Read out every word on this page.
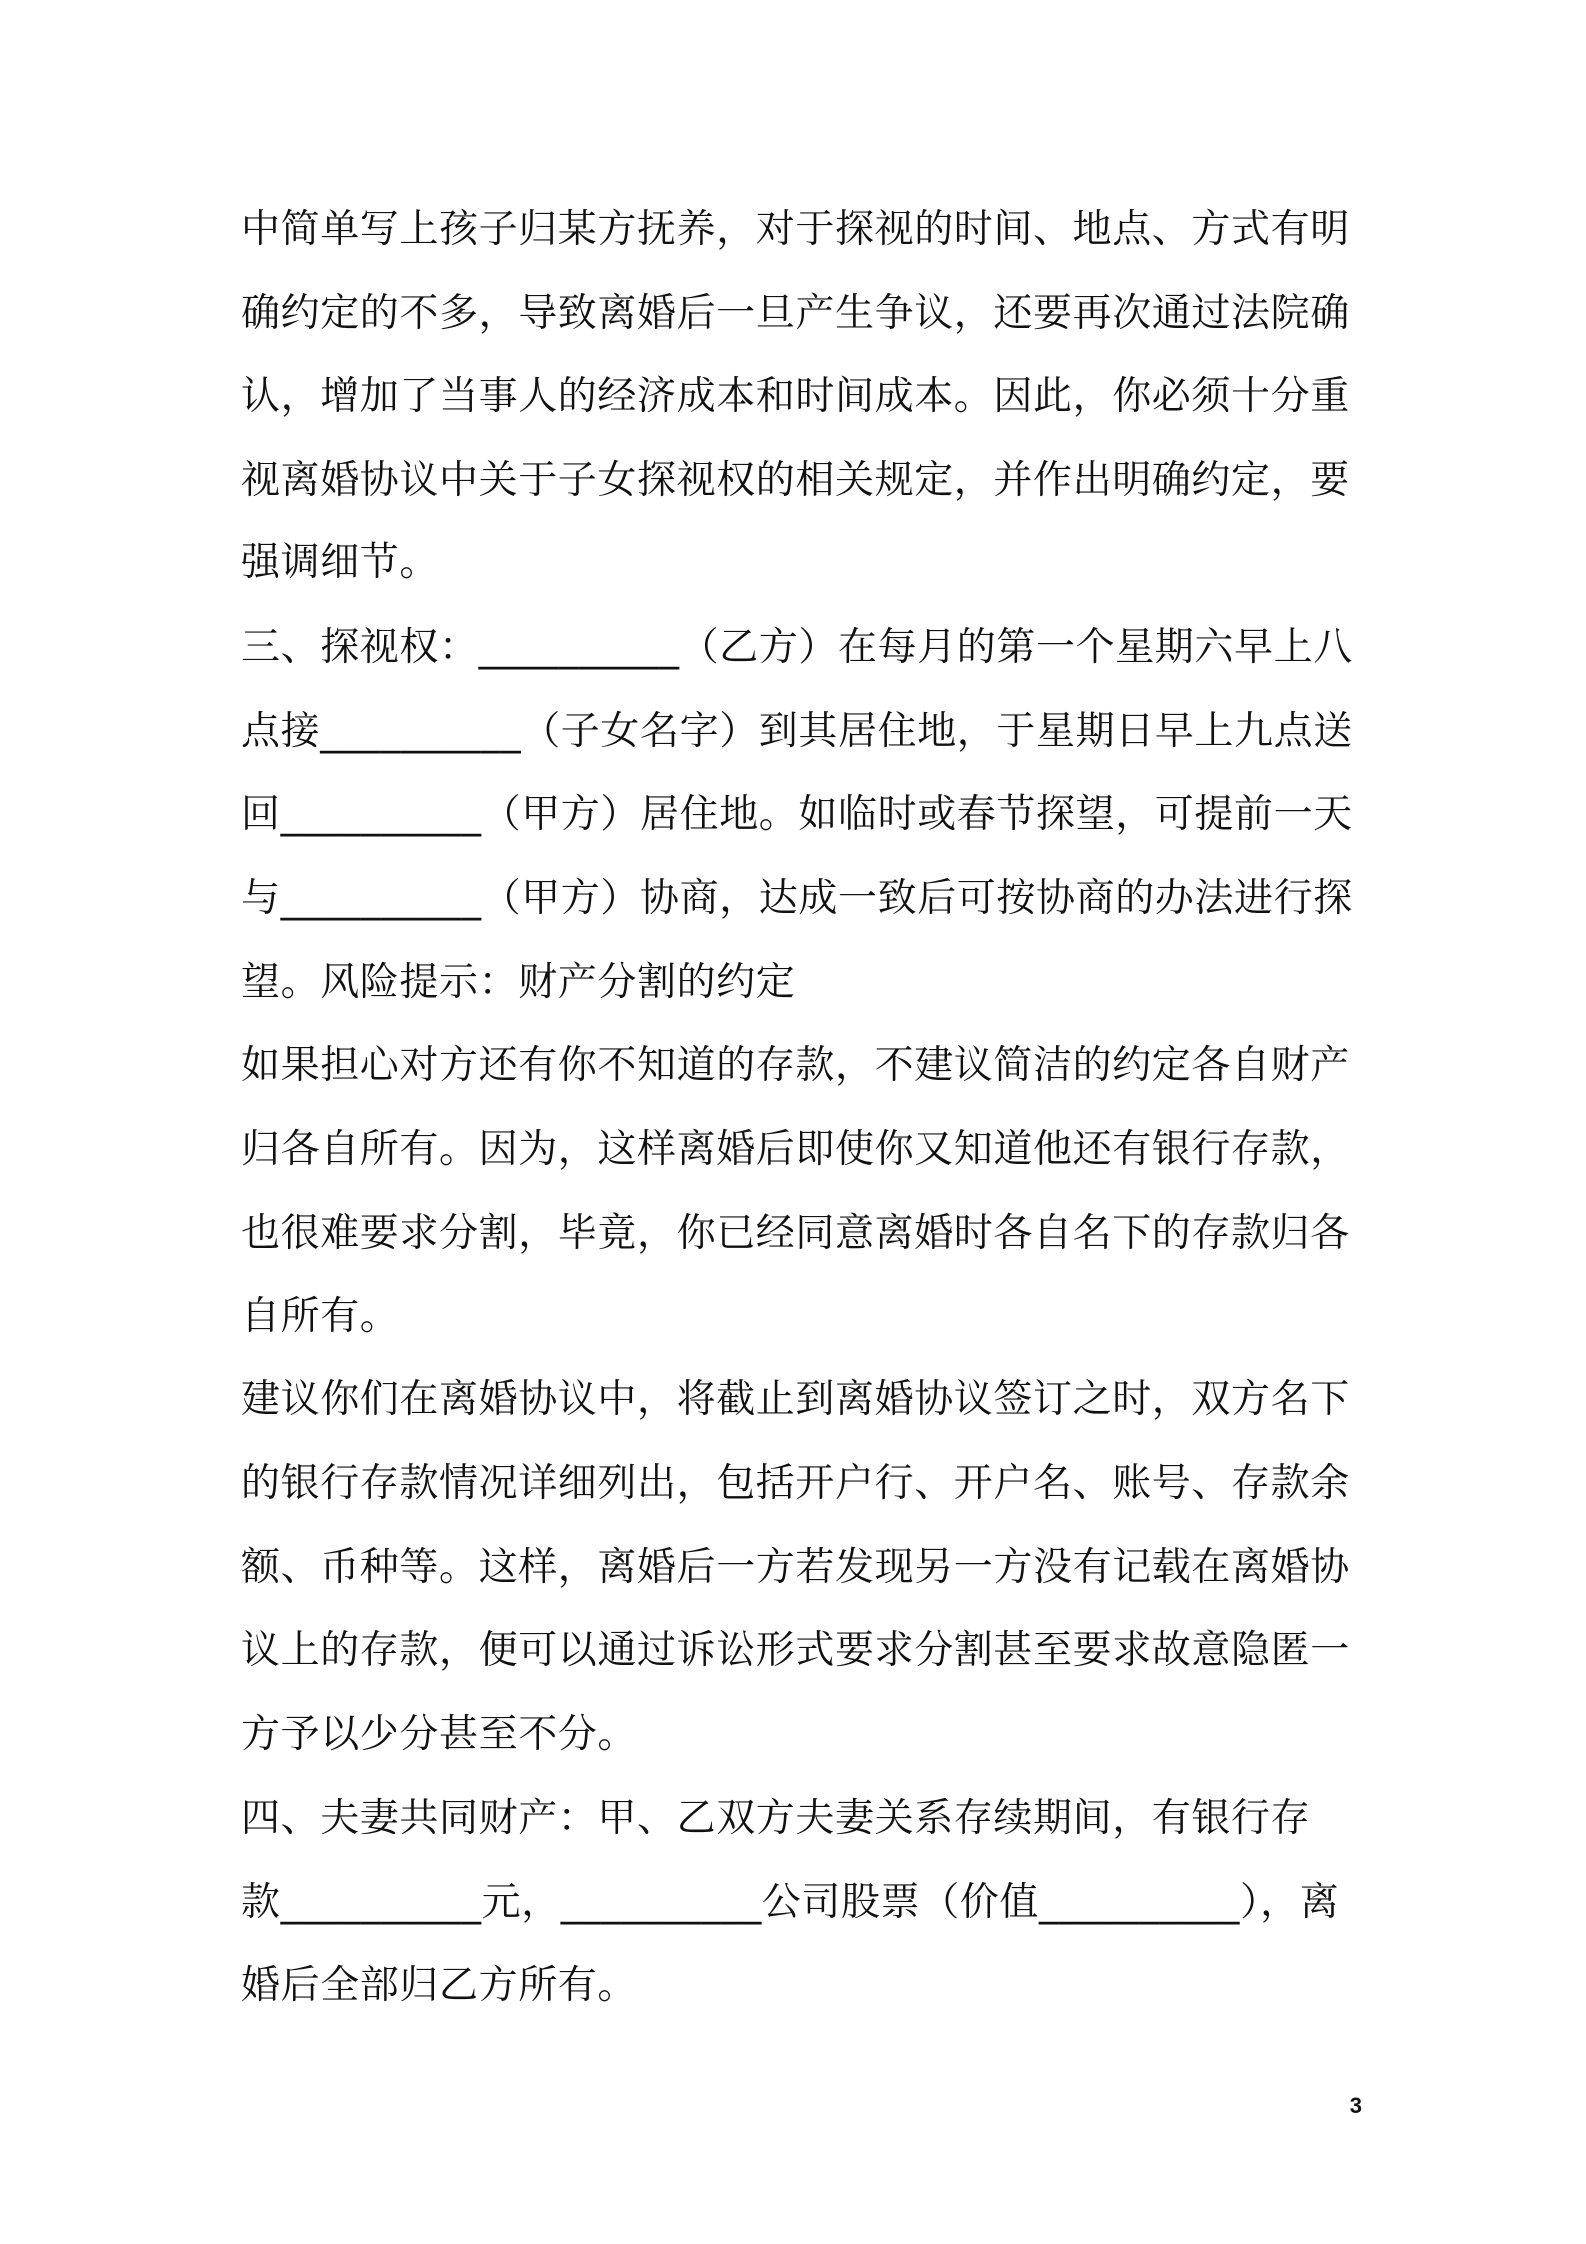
中简单写上孩子归某方抚养，对于探视的时间、地点、方式有明
确约定的不多，导致离婚后一旦产生争议，还要再次通过法院确
认，增加了当事人的经济成本和时间成本。因此，你必须十分重
视离婚协议中关于子女探视权的相关规定，并作出明确约定，要
强调细节。
三、探视权：__________（乙方）在每月的第一个星期六早上八
点接__________（子女名字）到其居住地，于星期日早上九点送
回__________（甲方）居住地。如临时或春节探望，可提前一天
与__________（甲方）协商，达成一致后可按协商的办法进行探
望。风险提示：财产分割的约定
如果担心对方还有你不知道的存款，不建议简洁的约定各自财产
归各自所有。因为，这样离婚后即使你又知道他还有银行存款，
也很难要求分割，毕竟，你已经同意离婚时各自名下的存款归各
自所有。
建议你们在离婚协议中，将截止到离婚协议签订之时，双方名下
的银行存款情况详细列出，包括开户行、开户名、账号、存款余
额、币种等。这样，离婚后一方若发现另一方没有记载在离婚协
议上的存款，便可以通过诉讼形式要求分割甚至要求故意隐匿一
方予以少分甚至不分。
四、夫妻共同财产：甲、乙双方夫妻关系存续期间，有银行存
款__________元，__________公司股票（价值__________），离
婚后全部归乙方所有。
3
